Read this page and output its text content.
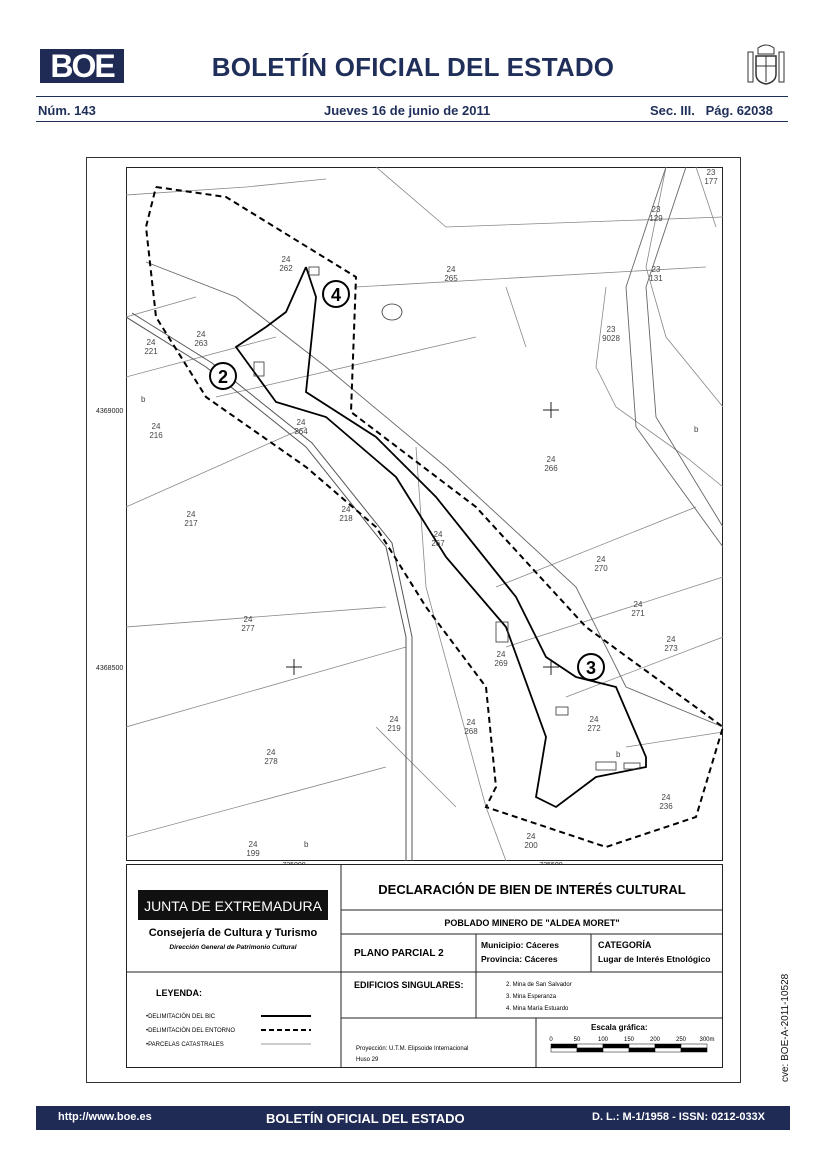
BOE	BOLETÍN OFICIAL DEL ESTADO
Núm. 143	Jueves 16 de junio de 2011	Sec. III.   Pág. 62038
2
3
4
24
262
24
263
24
221
24
265
23
129
23
177
23
131
23
9028
24
216
24
264
24
266
24
217
24
218
24
267
24
270
24
271
24
273
24
277
24
269
24
219
24
268
24
272
24
278
24
236
24
199
24
200
4369000
4368500
b
b
b
b
JUNTA DE EXTREMADURA
Consejería de Cultura y Turismo
Dirección General de Patrimonio Cultural
DECLARACIÓN DE BIEN DE INTERÉS CULTURAL
POBLADO MINERO DE "ALDEA MORET"
PLANO PARCIAL 2
Municipio: Cáceres
Provincia: Cáceres
CATEGORÍA
Lugar de Interés Etnológico
LEYENDA:
•DELIMITACIÓN DEL BIC
•DELIMITACIÓN DEL ENTORNO
•PARCELAS CATASTRALES
EDIFICIOS SINGULARES:	2. Mina de San Salvador
3. Mina Esperanza
4. Mina María Estuardo
Proyección: U.T.M. Elipsoide Internacional
Huso 29
Escala gráfica:
0	50	100	150	200	250 300m	cve: BOE-A-2011-10528
http://www.boe.es	BOLETÍN OFICIAL DEL ESTADO	D. L.: M-1/1958 - ISSN: 0212-033X
